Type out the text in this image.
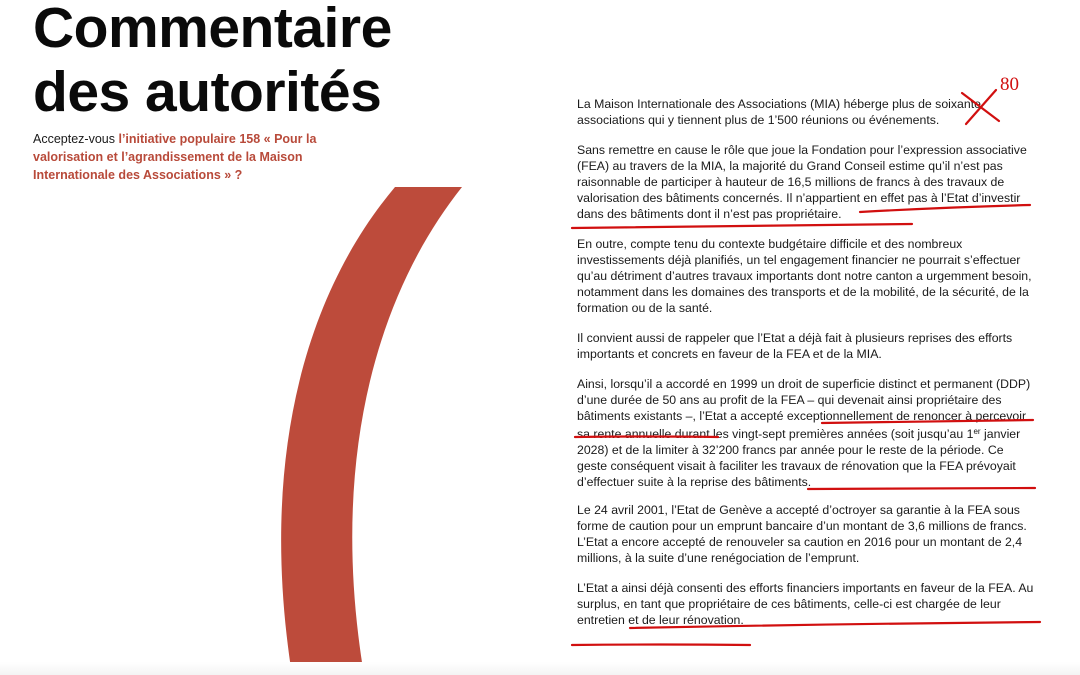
Commentaire
des autorités

Acceptez-vous l’initiative populaire 158 « Pour la valorisation et l’agrandissement de la Maison Internationale des Associations » ?

La Maison Internationale des Associations (MIA) héberge plus de soixante associations qui y tiennent plus de 1’500 réunions ou événements.

Sans remettre en cause le rôle que joue la Fondation pour l’expression associative (FEA) au travers de la MIA, la majorité du Grand Conseil estime qu’il n’est pas raisonnable de participer à hauteur de 16,5 millions de francs à des travaux de valorisation des bâtiments concernés. Il n’appartient en effet pas à l’Etat d’investir dans des bâtiments dont il n’est pas propriétaire.

En outre, compte tenu du contexte budgétaire difficile et des nombreux investissements déjà planifiés, un tel engagement financier ne pourrait s’effectuer qu’au détriment d’autres travaux importants dont notre canton a urgemment besoin, notamment dans les domaines des transports et de la mobilité, de la sécurité, de la formation ou de la santé.

Il convient aussi de rappeler que l’Etat a déjà fait à plusieurs reprises des efforts importants et concrets en faveur de la FEA et de la MIA.

Ainsi, lorsqu’il a accordé en 1999 un droit de superficie distinct et permanent (DDP) d’une durée de 50 ans au profit de la FEA – qui devenait ainsi propriétaire des bâtiments existants –, l’Etat a accepté exceptionnellement de renoncer à percevoir sa rente annuelle durant les vingt-sept premières années (soit jusqu’au 1er janvier 2028) et de la limiter à 32’200 francs par année pour le reste de la période. Ce geste conséquent visait à faciliter les travaux de rénovation que la FEA prévoyait d’effectuer suite à la reprise des bâtiments.

Le 24 avril 2001, l’Etat de Genève a accepté d’octroyer sa garantie à la FEA sous forme de caution pour un emprunt bancaire d’un montant de 3,6 millions de francs. L’Etat a encore accepté de renouveler sa caution en 2016 pour un montant de 2,4 millions, à la suite d’une renégociation de l’emprunt.

L’Etat a ainsi déjà consenti des efforts financiers importants en faveur de la FEA. Au surplus, en tant que propriétaire de ces bâtiments, celle-ci est chargée de leur entretien et de leur rénovation.

80
